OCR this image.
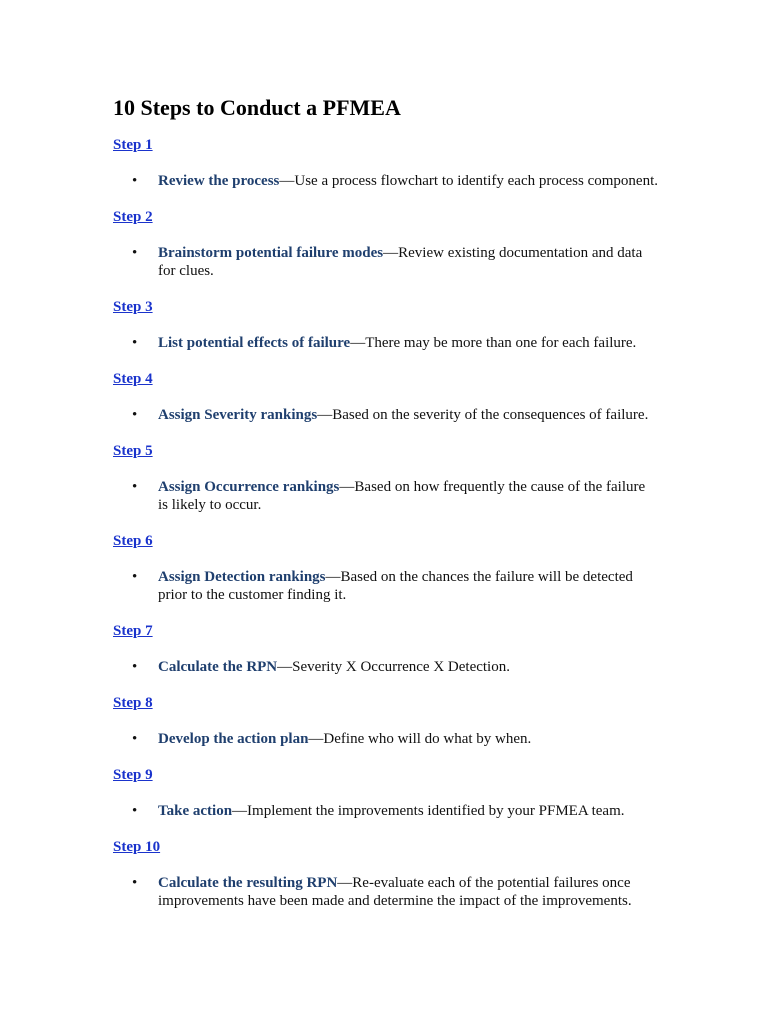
10 Steps to Conduct a PFMEA
Step 1
• Review the process—Use a process flowchart to identify each process component.
Step 2
• Brainstorm potential failure modes—Review existing documentation and data for clues.
Step 3
• List potential effects of failure—There may be more than one for each failure.
Step 4
• Assign Severity rankings—Based on the severity of the consequences of failure.
Step 5
• Assign Occurrence rankings—Based on how frequently the cause of the failure is likely to occur.
Step 6
• Assign Detection rankings—Based on the chances the failure will be detected prior to the customer finding it.
Step 7
• Calculate the RPN—Severity X Occurrence X Detection.
Step 8
• Develop the action plan—Define who will do what by when.
Step 9
• Take action—Implement the improvements identified by your PFMEA team.
Step 10
• Calculate the resulting RPN—Re-evaluate each of the potential failures once improvements have been made and determine the impact of the improvements.
